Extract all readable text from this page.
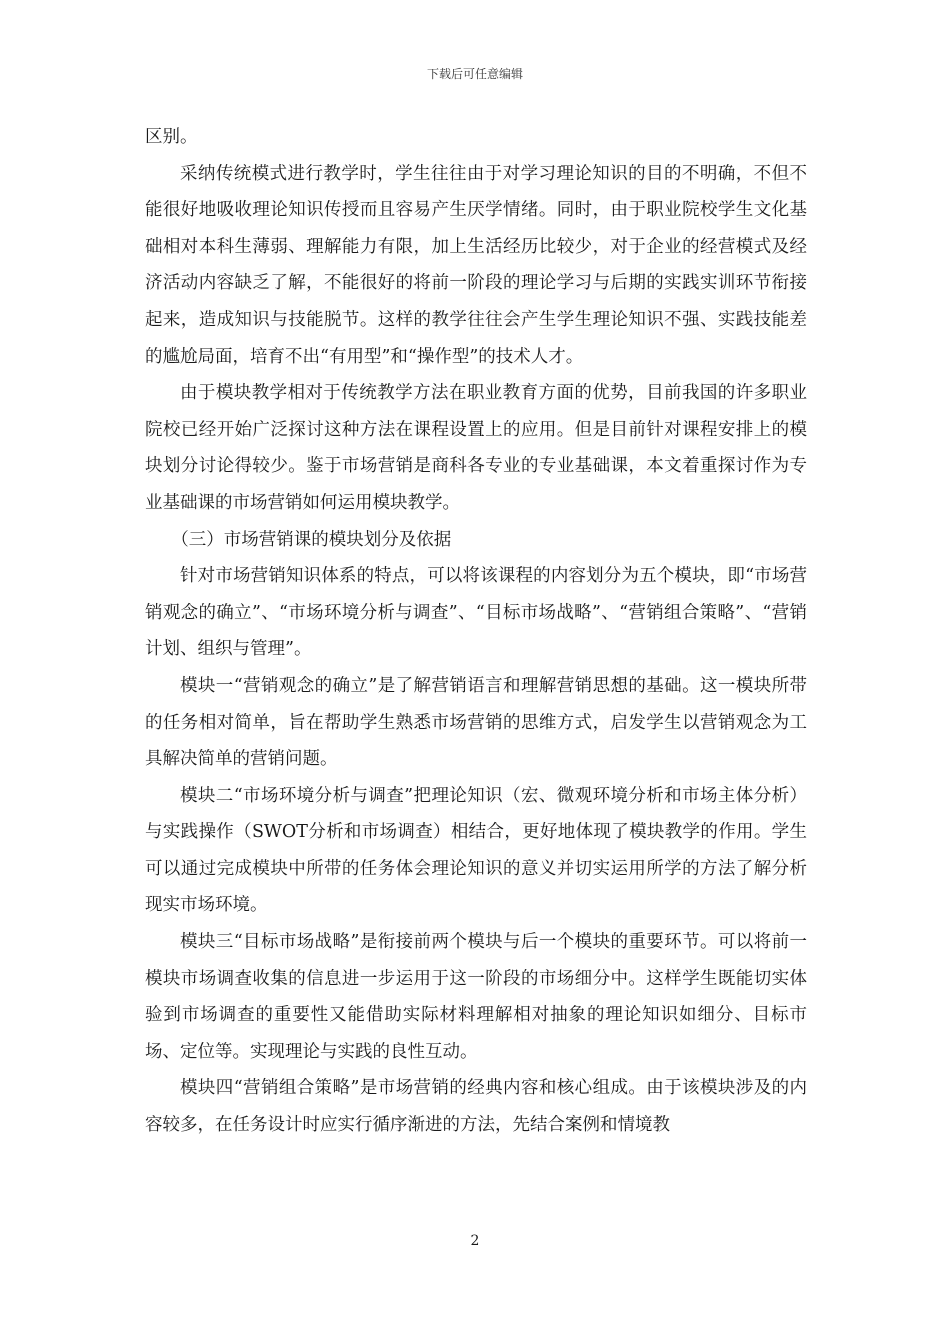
下载后可任意编辑

区别。

采纳传统模式进行教学时，学生往往由于对学习理论知识的目的不明确，不但不能很好地吸收理论知识传授而且容易产生厌学情绪。同时，由于职业院校学生文化基础相对本科生薄弱、理解能力有限，加上生活经历比较少，对于企业的经营模式及经济活动内容缺乏了解，不能很好的将前一阶段的理论学习与后期的实践实训环节衔接起来，造成知识与技能脱节。这样的教学往往会产生学生理论知识不强、实践技能差的尴尬局面，培育不出“有用型”和“操作型”的技术人才。

由于模块教学相对于传统教学方法在职业教育方面的优势，目前我国的许多职业院校已经开始广泛探讨这种方法在课程设置上的应用。但是目前针对课程安排上的模块划分讨论得较少。鉴于市场营销是商科各专业的专业基础课，本文着重探讨作为专业基础课的市场营销如何运用模块教学。

（三）市场营销课的模块划分及依据

针对市场营销知识体系的特点，可以将该课程的内容划分为五个模块，即“市场营销观念的确立”、“市场环境分析与调查”、“目标市场战略”、“营销组合策略”、“营销计划、组织与管理”。

模块一“营销观念的确立”是了解营销语言和理解营销思想的基础。这一模块所带的任务相对简单，旨在帮助学生熟悉市场营销的思维方式，启发学生以营销观念为工具解决简单的营销问题。

模块二“市场环境分析与调查”把理论知识（宏、微观环境分析和市场主体分析）与实践操作（SWOT分析和市场调查）相结合，更好地体现了模块教学的作用。学生可以通过完成模块中所带的任务体会理论知识的意义并切实运用所学的方法了解分析现实市场环境。

模块三“目标市场战略”是衔接前两个模块与后一个模块的重要环节。可以将前一模块市场调查收集的信息进一步运用于这一阶段的市场细分中。这样学生既能切实体验到市场调查的重要性又能借助实际材料理解相对抽象的理论知识如细分、目标市场、定位等。实现理论与实践的良性互动。

模块四“营销组合策略”是市场营销的经典内容和核心组成。由于该模块涉及的内容较多，在任务设计时应实行循序渐进的方法，先结合案例和情境教

2
